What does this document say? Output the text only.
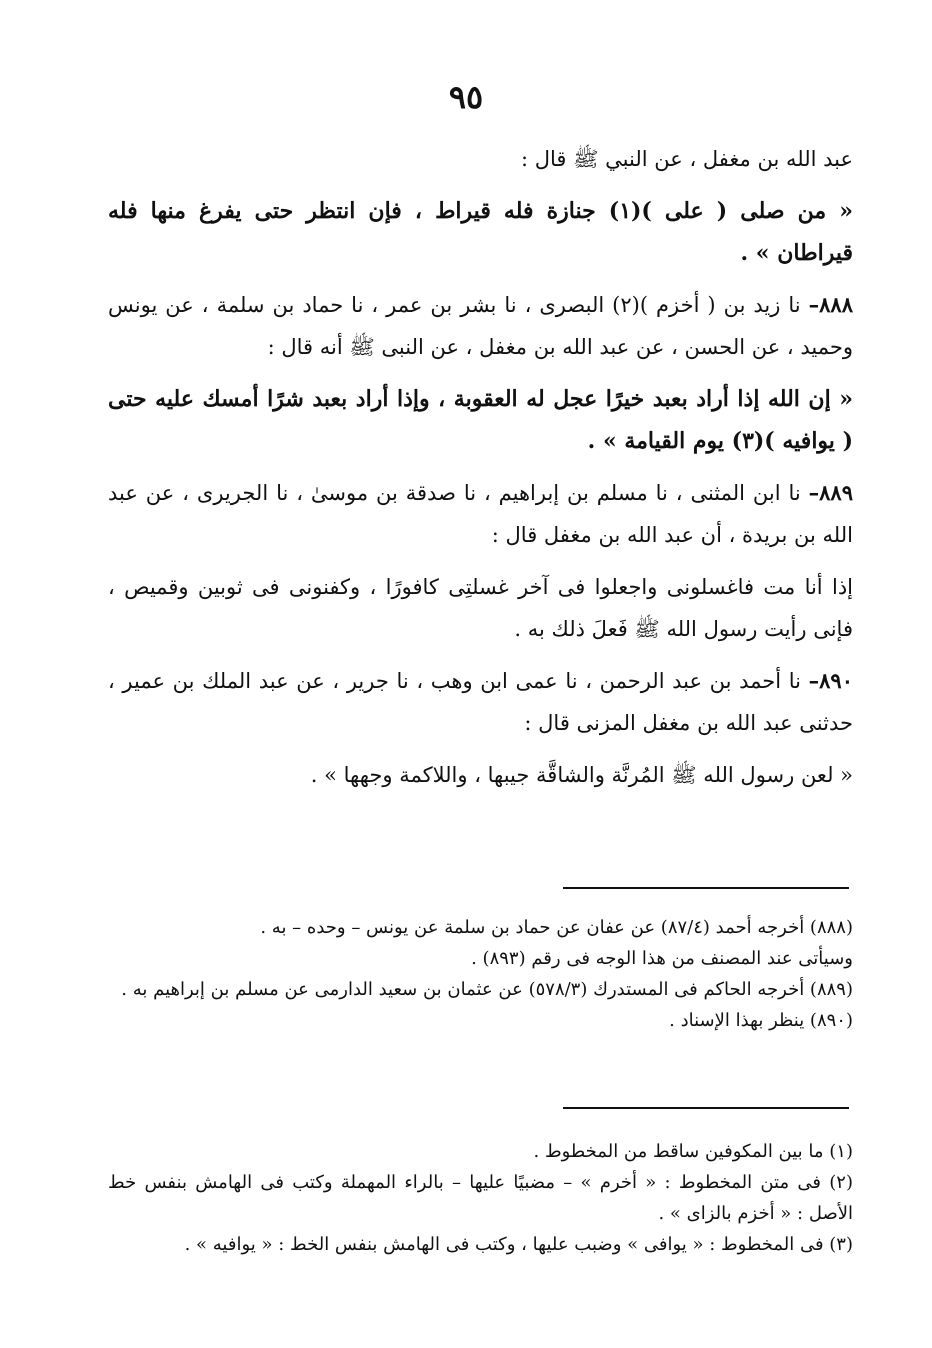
٩٥

عبد الله بن مغفل ، عن النبي ﷺ قال :

« من صلى ( على )(١) جنازة فله قيراط ، فإن انتظر حتى يفرغ منها فله قيراطان » .

٨٨٨– نا زيد بن ( أخزم )(٢) البصرى ، نا بشر بن عمر ، نا حماد بن سلمة ، عن يونس وحميد ، عن الحسن ، عن عبد الله بن مغفل ، عن النبى ﷺ أنه قال :

« إن الله إذا أراد بعبد خيرًا عجل له العقوبة ، وإذا أراد بعبد شرًا أمسك عليه حتى ( يوافيه )(٣) يوم القيامة » .

٨٨٩– نا ابن المثنى ، نا مسلم بن إبراهيم ، نا صدقة بن موسىٰ ، نا الجريرى ، عن عبد الله بن بريدة ، أن عبد الله بن مغفل قال :

إذا أنا مت فاغسلونى واجعلوا فى آخر غسلتِى كافورًا ، وكفنونى فى ثوبين وقميص ، فإنى رأيت رسول الله ﷺ فَعلَ ذلك به .

٨٩٠– نا أحمد بن عبد الرحمن ، نا عمى ابن وهب ، نا جرير ، عن عبد الملك بن عمير ، حدثنى عبد الله بن مغفل المزنى قال :

« لعن رسول الله ﷺ المُرنَّة والشاقَّة جيبها ، واللاكمة وجهها » .

(٨٨٨) أخرجه أحمد (٨٧/٤) عن عفان عن حماد بن سلمة عن يونس – وحده – به .

وسيأتى عند المصنف من هذا الوجه فى رقم (٨٩٣) .

(٨٨٩) أخرجه الحاكم فى المستدرك (٥٧٨/٣) عن عثمان بن سعيد الدارمى عن مسلم بن إبراهيم به .

(٨٩٠) ينظر بهذا الإسناد .

(١) ما بين المكوفين ساقط من المخطوط .

(٢) فى متن المخطوط : « أخرم » – مضبيًا عليها – بالراء المهملة وكتب فى الهامش بنفس خط الأصل : « أخزم بالزاى » .

(٣) فى المخطوط : « يوافى » وضبب عليها ، وكتب فى الهامش بنفس الخط : « يوافيه » .
